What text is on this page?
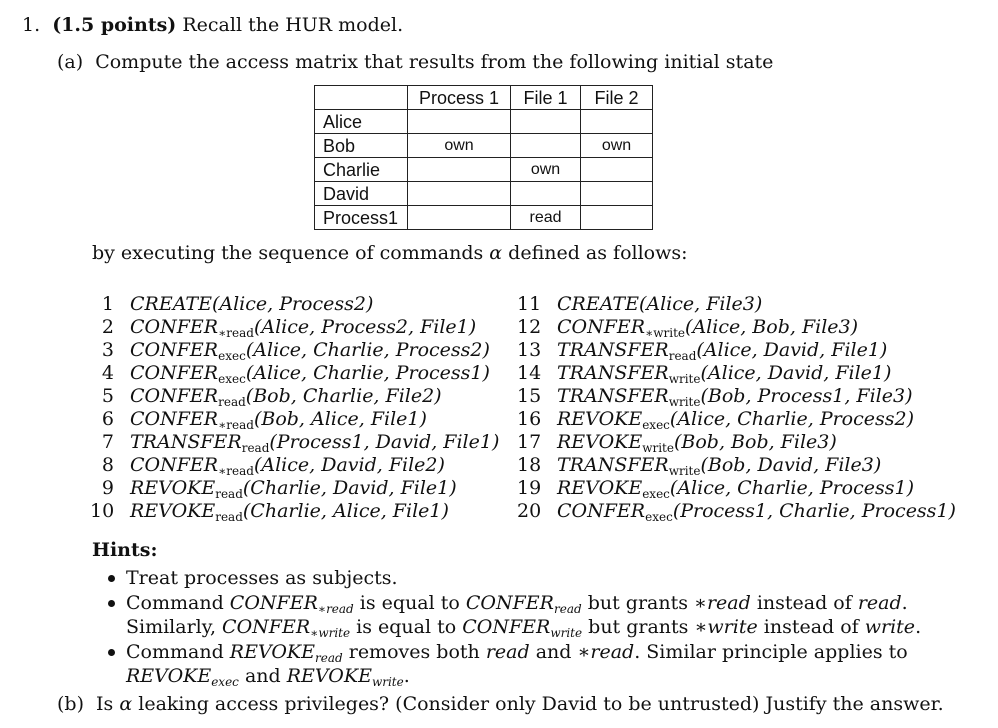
1. (1.5 points) Recall the HUR model.
(a) Compute the access matrix that results from the following initial state
	Process 1	File 1	File 2
Alice			
Bob	own		own
Charlie		own	
David			
Process1		read	
by executing the sequence of commands α defined as follows:
1 CREATE(Alice, Process2)
2 $CONFER_{∗read}(Alice$, Process2, File1)
3 $CONFER_{exec}(Alice$, Charlie, Process2)
4 $CONFER_{exec}(Alice$, Charlie, Process1)
5 $CONFER_{read}(Bob$, Charlie, File2)
6 $CONFER_{∗read}(Bob$, Alice, File1)
7 $TRANSFER_{read}(Process1$, David, File1)
8 $CONFER_{∗read}(Alice$, David, File2)
9 $REVOKE_{read}(Charlie$, David, File1)
10 $REVOKE_{read}(Charlie$, Alice, File1)
11 CREATE(Alice, File3)
12 $CONFER_{∗write}(Alice$, Bob, File3)
13 $TRANSFER_{read}(Alice$, David, File1)
14 $TRANSFER_{write}(Alice$, David, File1)
15 $TRANSFER_{write}(Bob$, Process1, File3)
16 $REVOKE_{exec}(Alice$, Charlie, Process2)
17 $REVOKE_{write}(Bob$, Bob, File3)
18 $TRANSFER_{write}(Bob$, David, File3)
19 $REVOKE_{exec}(Alice$, Charlie, Process1)
20 $CONFER_{exec}(Process1$, Charlie, Process1)
Hints:
Treat processes as subjects.
Command $CONFER_{∗read}$ is equal to $CONFER_{read}$ but grants ∗read instead of read.
Similarly, $CONFER_{∗write}$ is equal to $CONFER_{write}$ but grants ∗write instead of write.
Command $REVOKE_{read}$ removes both read and ∗read. Similar principle applies to
$REVOKE_{exec}$ and $REVOKE_{write}$.
(b) Is α leaking access privileges? (Consider only David to be untrusted) Justify the answer.
